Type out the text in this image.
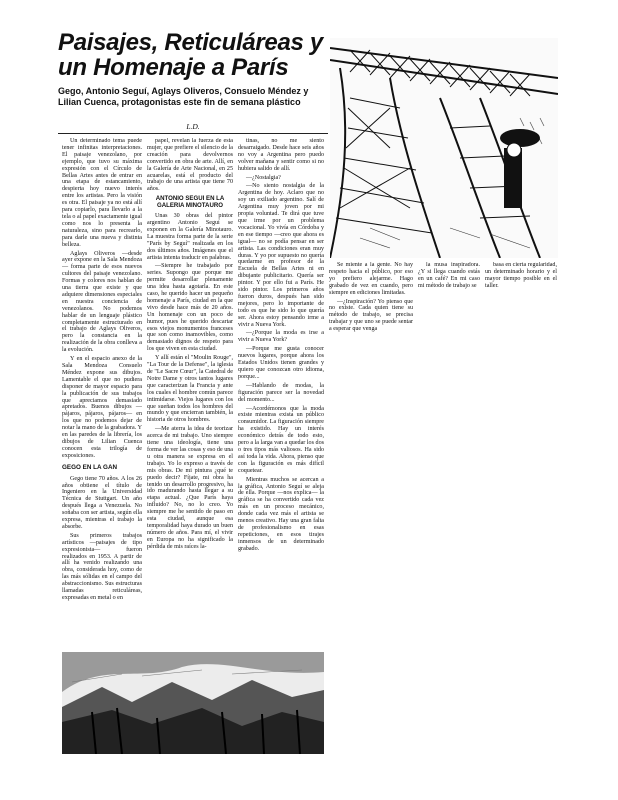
Paisajes, Reticuláreas y un Homenaje a París
Gego, Antonio Seguí, Aglays Oliveros, Consuelo Méndez y Lilian Cuenca, protagonistas este fin de semana plástico
L.D.

Un determinado tema puede tener infinitas interpretaciones. El paisaje venezolano, por ejemplo, que tuvo su máxima expresión con el Círculo de Bellas Artes antes de entrar en una etapa de estancamiento, despierta hoy nuevo interés entre los artistas. Pero la visión es otra. El paisaje ya no está allí para copiarlo, para llevarlo a la tela o al papel exactamente igual como nos lo presenta la naturaleza, sino para recrearlo, para darle una nueva y distinta belleza.

Aglays Oliveros —desde ayer expone en la Sala Mendoza— forma parte de esos nuevos cultores del paisaje venezolano. Formas y colores nos hablan de una tierra que existe y que adquiere dimensiones especiales en nuestra conciencia de venezolanos. No podemos hablar de un lenguaje plástico completamente estructurado en el trabajo de Aglays Oliveros, pero la constancia en la realización de la obra conlleva a la evolución.

Y en el espacio anexo de la Sala Mendoza Consuelo Méndez expone sus dibujos. Lamentable el que no pudiera disponer de mayor espacio para la publicación de sus trabajos que apreciamos demasiado apretados. Buenos dibujos —pájaros, pájaros, pájaros— en los que no podemos dejar de notar la mano de la grabadora. Y en las paredes de la librería, los dibujos de Lilian Cuenca conocen esta trilogía de exposiciones.

GEGO EN LA GAN

Gego tiene 70 años. A los 26 años obtiene el título de Ingeniero en la Universidad Técnica de Stuttgart. Un año después llega a Venezuela. No soñaba con ser artista, según ella expresa, mientras el trabajo la absorbe.

Sus primeros trabajos artísticos —paisajes de tipo expresionista— fueron realizados en 1953. A partir de allí ha venido realizando una obra, considerada hoy, como de las más sólidas en el campo del abstraccionismo. Sus estructuras llamadas reticuláreas, expresadas en metal o en

papel, revelan la fuerza de esta mujer, que prefiere el silencio de la creación para devolvernos convertido en obra de arte. Allí, en la Galería de Arte Nacional, en 25 acuarelas, está el producto del trabajo de una artista que tiene 70 años.

ANTONIO SEGUI EN LA GALERIA MINOTAURO

Unas 30 obras del pintor argentino Antonio Seguí se exponen en la Galería Minotauro. La muestra forma parte de la serie "París by Seguí" realizada en los dos últimos años. Imágenes que el artista intenta traducir en palabras.

—Siempre he trabajado por series. Supongo que porque me permite desarrollar plenamente una idea hasta agotarla. En este caso, he querido hacer un pequeño homenaje a París, ciudad en la que vivo desde hace más de 20 años. Un homenaje con un poco de humor, pues he querido descartar esos viejos monumentos franceses que son como inamovibles, como demasiado dignos de respeto para los que viven en esta ciudad.

Y allí están el "Moulin Rouge", "La Tour de la Defense", la iglesia de "Le Sacre Cœur", la Catedral de Notre Dame y otros tantos lugares que caracterizan la Francia y ante los cuales el hombre común parece intimidarse. Viejos lugares con los que sueñan todos los hombres del mundo y que encierran también, la historia de otros hombres.

—Me aterra la idea de teorizar acerca de mi trabajo. Uno siempre tiene una ideología, tiene una forma de ver las cosas y eso de una u otra manera se expresa en el trabajo. Yo lo expreso a través de mis obras. De mi pintura ¿qué te puedo decir? Fíjate, mi obra ha tenido un desarrollo progresivo, ha ido madurando hasta llegar a su etapa actual. ¿Que París haya influido? No, no lo creo. Yo siempre me he sentido de paso en esta ciudad, aunque esa temporalidad haya durado un buen número de años. Para mí, el vivir en Europa no ha significado la pérdida de mis raíces la-

tinas, no me siento desarraigado. Desde hace seis años no voy a Argentina pero puedo volver mañana y sentir como si no hubiera salido de allí.

—¿Nostalgia?

—No siento nostalgia de la Argentina de hoy. Aclaro que no soy un exiliado argentino. Salí de Argentina muy joven por mi propia voluntad. Te dirá que tuve que irme por un problema vocacional. Yo vivía en Córdoba y en ese tiempo —creo que ahora es igual— no se podía pensar en ser artista. Las condiciones eran muy duras. Y yo por supuesto no quería quedarme en profesor de la Escuela de Bellas Artes ni en dibujante publicitario. Quería ser pintor. Y por ello fui a París. He sido pintor. Los primeros años fueron duros, después han sido mejores, pero lo importante de todo es que he sido lo que quería ser. Ahora estoy pensando irme a vivir a Nueva York.

—¿Porque la moda es irse a vivir a Nueva York?

—Porque me gusta conocer nuevos lugares, porque ahora los Estados Unidos tienen grandes y quiero que conozcan otro idioma, porque...

—Hablando de modas, la figuración parece ser la novedad del momento...

—Acordémonos que la moda existe mientras exista un público consumidor. La figuración siempre ha existido. Hay un interés económico detrás de todo esto, pero a la larga van a quedar los dos o tres tipos más valiosos. Ha sido así toda la vida. Ahora, pienso que con la figuración es más difícil coquetear.

Mientras muchos se acercan a la gráfica, Antonio Seguí se aleja de ella. Porque —nos explica— la gráfica se ha convertido cada vez más en un proceso mecánico, donde cada vez más el artista se menos creativo. Hay una gran falta de profesionalismo en esas repeticiones, en esos tirajes inmensos de un determinado grabado.

Se miente a la gente. No hay respeto hacia el público, por eso yo prefiero alejarme. Hago grabado de vez en cuando, pero siempre en ediciones limitadas.

—¿Inspiración? Yo pienso que no existe. Cada quien tiene su método de trabajo, se precisa trabajar y que uno se puede sentar a esperar que venga

la musa inspiradora. ¿Y si llega cuando estás en un café? En mi caso mi método de trabajo se

basa en cierta regularidad, un determinado horario y el mayor tiempo posible en el taller.
